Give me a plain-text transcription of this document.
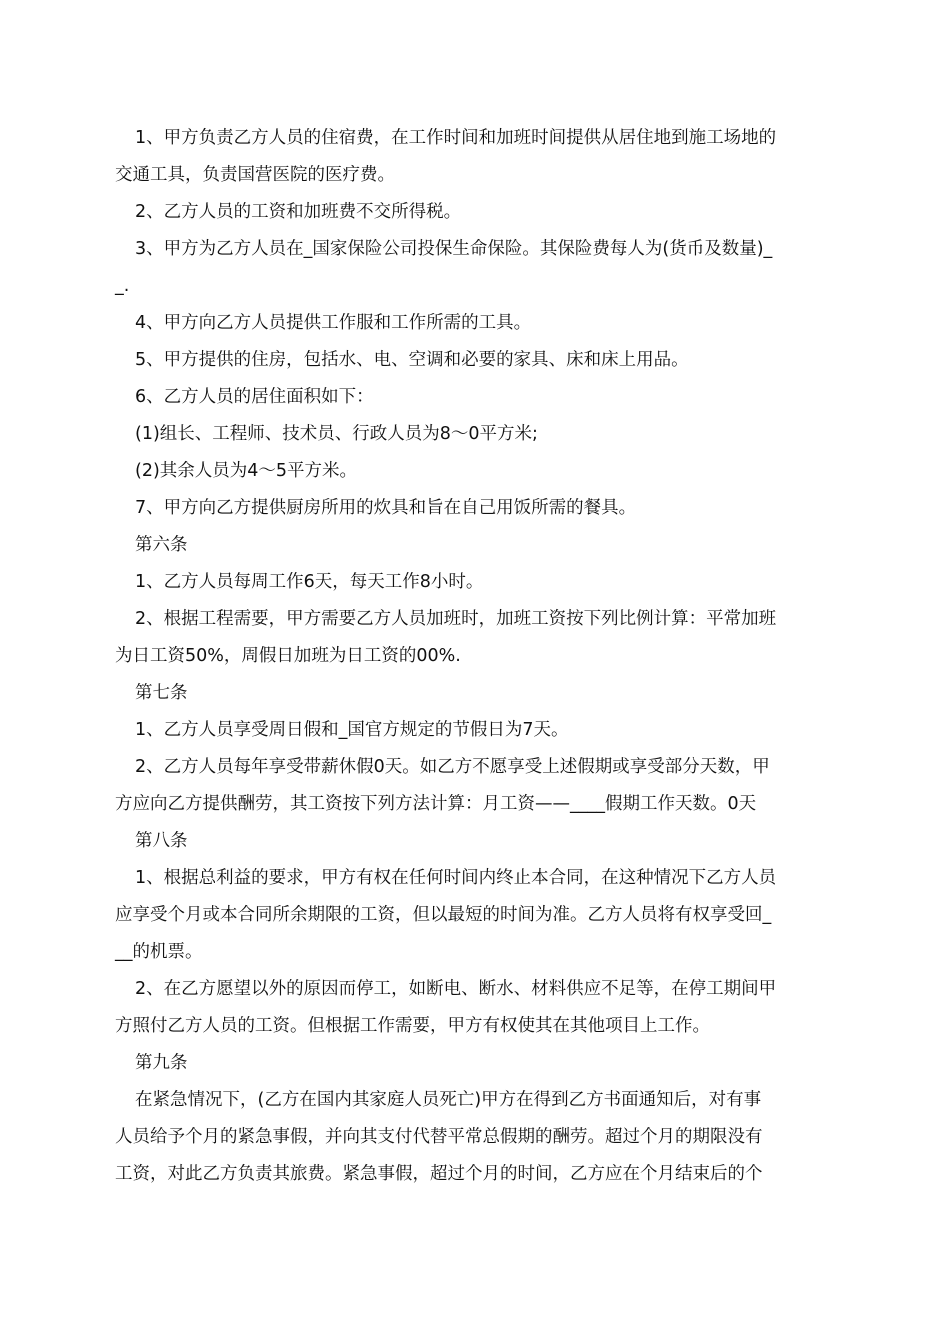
1、甲方负责乙方人员的住宿费，在工作时间和加班时间提供从居住地到施工场地的
交通工具，负责国营医院的医疗费。
2、乙方人员的工资和加班费不交所得税。
3、甲方为乙方人员在_国家保险公司投保生命保险。其保险费每人为(货币及数量)_
_.
4、甲方向乙方人员提供工作服和工作所需的工具。
5、甲方提供的住房，包括水、电、空调和必要的家具、床和床上用品。
6、乙方人员的居住面积如下：
(1)组长、工程师、技术员、行政人员为8～0平方米;
(2)其余人员为4～5平方米。
7、甲方向乙方提供厨房所用的炊具和旨在自己用饭所需的餐具。
第六条
1、乙方人员每周工作6天，每天工作8小时。
2、根据工程需要，甲方需要乙方人员加班时，加班工资按下列比例计算：平常加班
为日工资50%，周假日加班为日工资的00%.
第七条
1、乙方人员享受周日假和_国官方规定的节假日为7天。
2、乙方人员每年享受带薪休假0天。如乙方不愿享受上述假期或享受部分天数，甲
方应向乙方提供酬劳，其工资按下列方法计算：月工资——____假期工作天数。0天
第八条
1、根据总利益的要求，甲方有权在任何时间内终止本合同，在这种情况下乙方人员
应享受个月或本合同所余期限的工资，但以最短的时间为准。乙方人员将有权享受回_
__的机票。
2、在乙方愿望以外的原因而停工，如断电、断水、材料供应不足等，在停工期间甲
方照付乙方人员的工资。但根据工作需要，甲方有权使其在其他项目上工作。
第九条
在紧急情况下，(乙方在国内其家庭人员死亡)甲方在得到乙方书面通知后，对有事
人员给予个月的紧急事假，并向其支付代替平常总假期的酬劳。超过个月的期限没有
工资，对此乙方负责其旅费。紧急事假，超过个月的时间，乙方应在个月结束后的个
